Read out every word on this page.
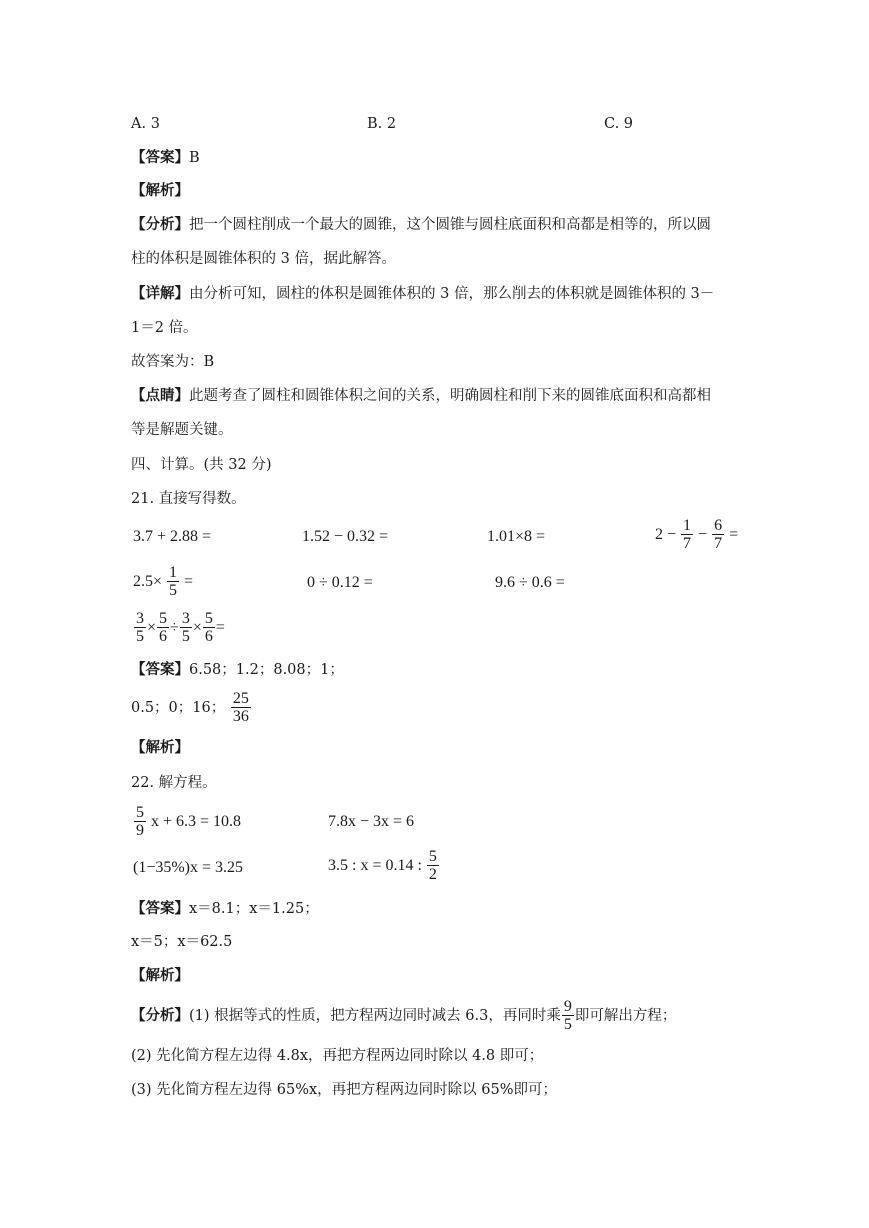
A. 3	B. 2	C. 9
【答案】B
【解析】
【分析】把一个圆柱削成一个最大的圆锥，这个圆锥与圆柱底面积和高都是相等的，所以圆
柱的体积是圆锥体积的 3 倍，据此解答。
【详解】由分析可知，圆柱的体积是圆锥体积的 3 倍，那么削去的体积就是圆锥体积的 3－
1＝2 倍。
故答案为：B
【点睛】此题考查了圆柱和圆锥体积之间的关系，明确圆柱和削下来的圆锥底面积和高都相
等是解题关键。
四、计算。(共 32 分)
21. 直接写得数。
3.7 + 2.88 =	1.52 − 0.32 =	1.01×8 =	$2 - \frac{1}{7} - \frac{6}{7}$ =
$2.5\times \frac{1}{5}$ =	0 ÷ 0.12 =	9.6 ÷ 0.6 =
$\frac{3}{5} \times \frac{5}{6} \div \frac{3}{5} \times \frac{5}{6}$ =
【答案】6.58；1.2；8.08；1；
0.5；0；16； $\frac{25}{36}$
【解析】
22. 解方程。
$\frac{5}{9}$ x + 6.3 = 10.8	7.8x − 3x = 6
(1−35%)x = 3.25	3.5 : x = 0.14 : $\frac{5}{2}$
【答案】x＝8.1；x＝1.25；
x＝5；x＝62.5
【解析】
【分析】(1) 根据等式的性质，把方程两边同时减去 6.3，再同时乘 $\frac{9}{5}$ 即可解出方程；
(2) 先化简方程左边得 4.8x，再把方程两边同时除以 4.8 即可；
(3) 先化简方程左边得 65%x，再把方程两边同时除以 65%即可；
